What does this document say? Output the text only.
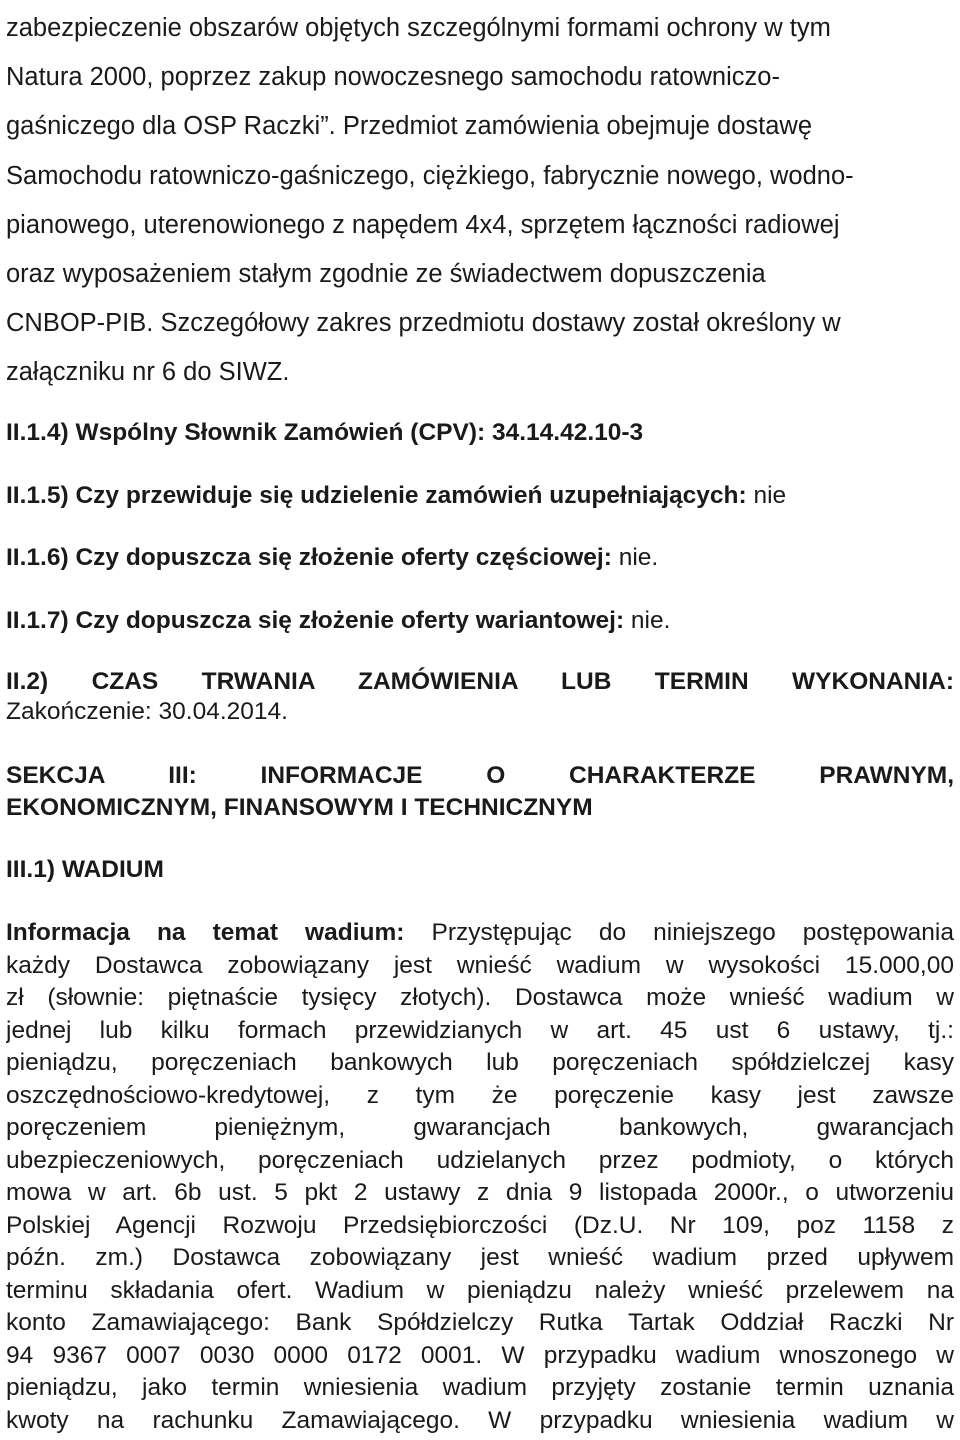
zabezpieczenie obszarów objętych szczególnymi formami ochrony w tym
Natura 2000, poprzez zakup nowoczesnego samochodu ratowniczo-
gaśniczego dla OSP Raczki”. Przedmiot zamówienia obejmuje dostawę
Samochodu ratowniczo-gaśniczego, ciężkiego, fabrycznie nowego, wodno-
pianowego, uterenowionego z napędem 4x4, sprzętem łączności radiowej
oraz wyposażeniem stałym zgodnie ze świadectwem dopuszczenia
CNBOP-PIB. Szczegółowy zakres przedmiotu dostawy został określony w
załączniku nr 6 do SIWZ.
II.1.4) Wspólny Słownik Zamówień (CPV): 34.14.42.10-3
II.1.5) Czy przewiduje się udzielenie zamówień uzupełniających: nie
II.1.6) Czy dopuszcza się złożenie oferty częściowej: nie.
II.1.7) Czy dopuszcza się złożenie oferty wariantowej: nie.
II.2) CZAS TRWANIA ZAMÓWIENIA LUB TERMIN WYKONANIA:
Zakończenie: 30.04.2014.
SEKCJA III: INFORMACJE O CHARAKTERZE PRAWNYM,
EKONOMICZNYM, FINANSOWYM I TECHNICZNYM
III.1) WADIUM
Informacja na temat wadium: Przystępując do niniejszego postępowania
każdy Dostawca zobowiązany jest wnieść wadium w wysokości 15.000,00
zł (słownie: piętnaście tysięcy złotych). Dostawca może wnieść wadium w
jednej lub kilku formach przewidzianych w art. 45 ust 6 ustawy, tj.:
pieniądzu, poręczeniach bankowych lub poręczeniach spółdzielczej kasy
oszczędnościowo-kredytowej, z tym że poręczenie kasy jest zawsze
poręczeniem pieniężnym, gwarancjach bankowych, gwarancjach
ubezpieczeniowych, poręczeniach udzielanych przez podmioty, o których
mowa w art. 6b ust. 5 pkt 2 ustawy z dnia 9 listopada 2000r., o utworzeniu
Polskiej Agencji Rozwoju Przedsiębiorczości (Dz.U. Nr 109, poz 1158 z
późn. zm.) Dostawca zobowiązany jest wnieść wadium przed upływem
terminu składania ofert. Wadium w pieniądzu należy wnieść przelewem na
konto Zamawiającego: Bank Spółdzielczy Rutka Tartak Oddział Raczki Nr
94 9367 0007 0030 0000 0172 0001. W przypadku wadium wnoszonego w
pieniądzu, jako termin wniesienia wadium przyjęty zostanie termin uznania
kwoty na rachunku Zamawiającego. W przypadku wniesienia wadium w
